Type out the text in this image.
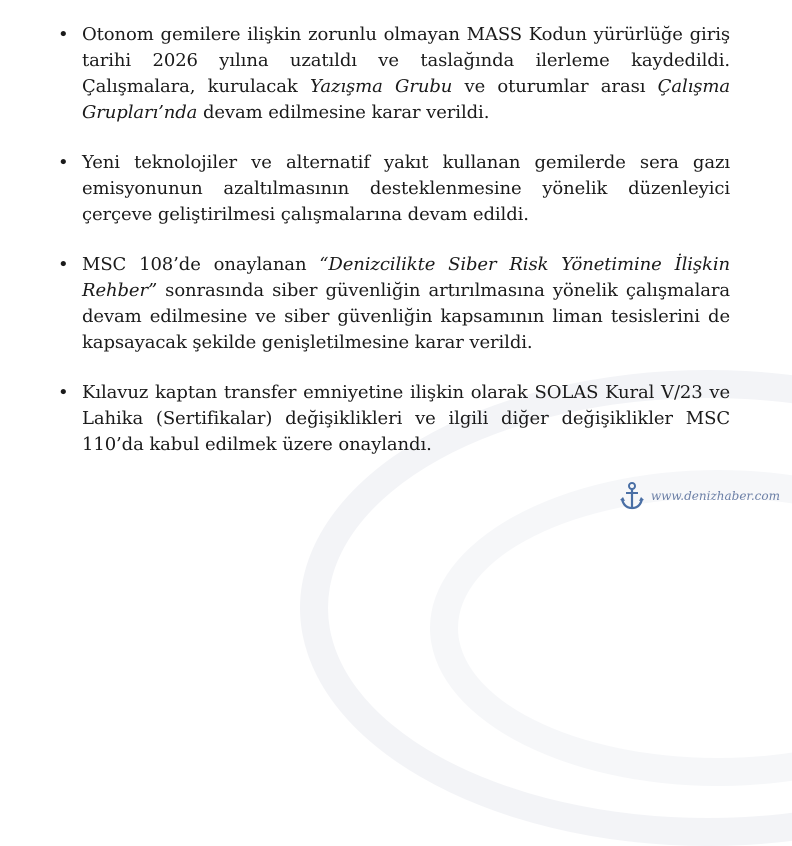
• Otonom gemilere ilişkin zorunlu olmayan MASS Kodun yürürlüğe giriş tarihi 2026 yılına uzatıldı ve taslağında ilerleme kaydedildi. Çalışmalara, kurulacak Yazışma Grubu ve oturumlar arası Çalışma Grupları’nda devam edilmesine karar verildi.

• Yeni teknolojiler ve alternatif yakıt kullanan gemilerde sera gazı emisyonunun azaltılmasının desteklenmesine yönelik düzenleyici çerçeve geliştirilmesi çalışmalarına devam edildi.

• MSC 108’de onaylanan “Denizcilikte Siber Risk Yönetimine İlişkin Rehber” sonrasında siber güvenliğin artırılmasına yönelik çalışmalara devam edilmesine ve siber güvenliğin kapsamının liman tesislerini de kapsayacak şekilde genişletilmesine karar verildi.

• Kılavuz kaptan transfer emniyetine ilişkin olarak SOLAS Kural V/23 ve Lahika (Sertifikalar) değişiklikleri ve ilgili diğer değişiklikler MSC 110’da kabul edilmek üzere onaylandı.

www.denizhaber.com
